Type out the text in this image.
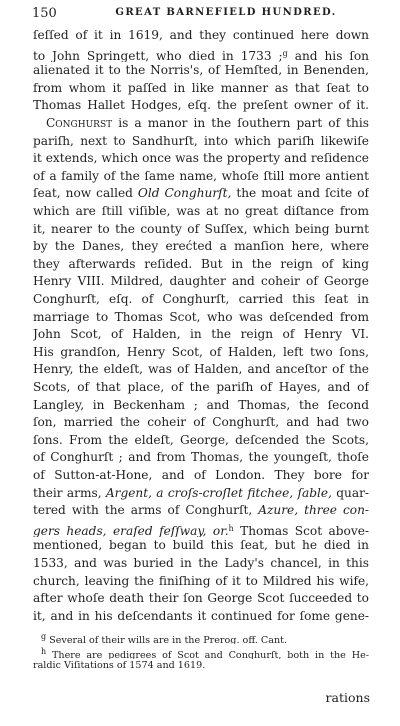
150	GREAT BARNEFIELD HUNDRED.
ſeſſed of it in 1619, and they continued here down
to John Springett, who died in 1733 ;$^g$ and his ſon
alienated it to the Norris's, of Hemſted, in Benenden,
from whom it paſſed in like manner as that ſeat to
Thomas Hallet Hodges, eſq. the preſent owner of it.
Conghurst is a manor in the ſouthern part of this
pariſh, next to Sandhurſt, into which pariſh likewiſe
it extends, which once was the property and reſidence
of a family of the ſame name, whoſe ſtill more antient
ſeat, now called Old Conghurſt, the moat and ſcite of
which are ſtill viſible, was at no great diſtance from
it, nearer to the county of Suſſex, which being burnt
by the Danes, they erećted a manſion here, where
they afterwards reſided. But in the reign of king
Henry VIII. Mildred, daughter and coheir of George
Conghurſt, eſq. of Conghurſt, carried this ſeat in
marriage to Thomas Scot, who was deſcended from
John Scot, of Halden, in the reign of Henry VI.
His grandſon, Henry Scot, of Halden, left two ſons,
Henry, the eldeſt, was of Halden, and anceſtor of the
Scots, of that place, of the pariſh of Hayes, and of
Langley, in Beckenham ; and Thomas, the ſecond
ſon, married the coheir of Conghurſt, and had two
ſons. From the eldeſt, George, deſcended the Scots,
of Conghurſt ; and from Thomas, the youngeſt, thoſe
of Sutton-at-Hone, and of London. They bore for
their arms, Argent, a croſs-croſlet fitchee, ſable, quar-
tered with the arms of Conghurſt, Azure, three con-
gers heads, eraſed feſſway, or.$^h$ Thomas Scot above-
mentioned, began to build this ſeat, but he died in
1533, and was buried in the Lady's chancel, in this
church, leaving the finiſhing of it to Mildred his wife,
after whoſe death their ſon George Scot ſucceeded to
it, and in his deſcendants it continued for ſome gene-
$^g$ Several of their wills are in the Prerog. off. Cant.
$^h$ There are pedigrees of Scot and Conghurſt, both in the He-
raldic Viſitations of 1574 and 1619.
rations
